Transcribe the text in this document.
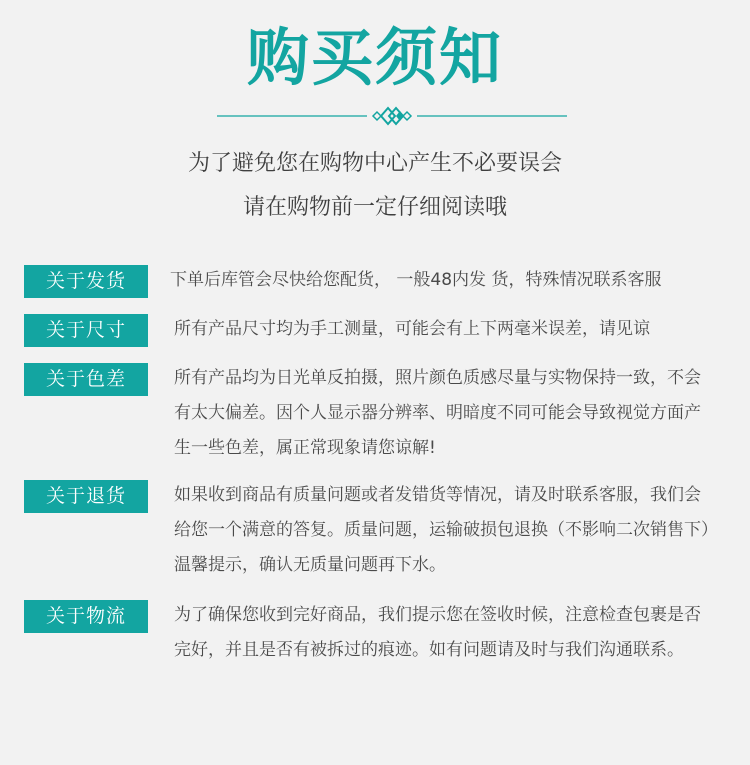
购买须知
为了避免您在购物中心产生不必要误会
请在购物前一定仔细阅读哦
关于发货	下单后库管会尽快给您配货， 一般48内发 货，特殊情况联系客服
关于尺寸	所有产品尺寸均为手工测量，可能会有上下两毫米误差，请见谅
关于色差	所有产品均为日光单反拍摄，照片颜色质感尽量与实物保持一致，不会有太大偏差。因个人显示器分辨率、明暗度不同可能会导致视觉方面产生一些色差，属正常现象请您谅解!
关于退货	如果收到商品有质量问题或者发错货等情况，请及时联系客服，我们会给您一个满意的答复。质量问题，运输破损包退换（不影响二次销售下）温馨提示，确认无质量问题再下水。
关于物流	为了确保您收到完好商品，我们提示您在签收时候，注意检查包裹是否完好，并且是否有被拆过的痕迹。如有问题请及时与我们沟通联系。
